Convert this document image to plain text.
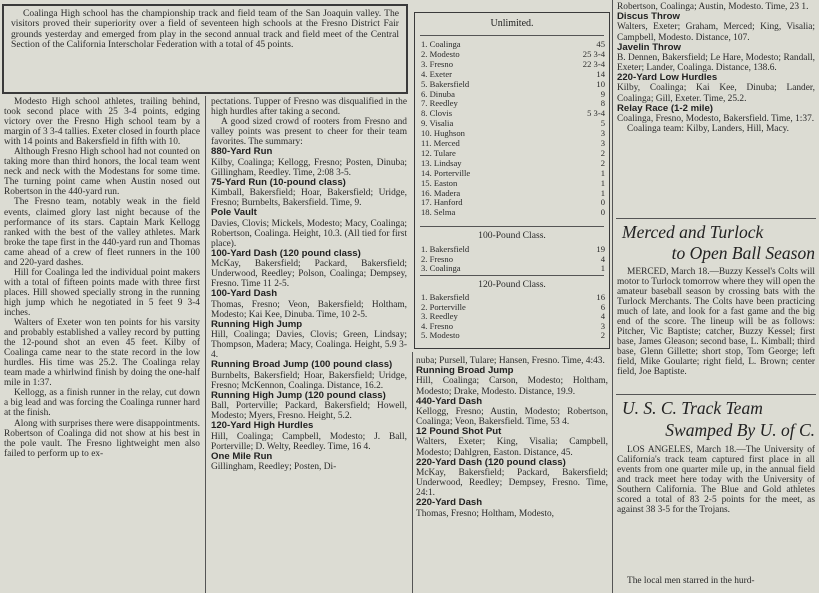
Coalinga High school has the championship track and field team of the San Joaquin valley. The visitors proved their superiority over a field of seventeen high schools at the Fresno District Fair grounds yesterday and emerged from play in the second annual track and field meet of the Central Section of the California Interscholar Federation with a total of 45 points.

Modesto High school athletes, trailing behind, took second place with 25 3-4 points, edging victory over the Fresno High school team by a margin of 3 3-4 tallies. Exeter closed in fourth place with 14 points and Bakersfield in fifth with 10.

Although Fresno High school had not counted on taking more than third honors, the local team went neck and neck with the Modestans for some time. The turning point came when Austin nosed out Robertson in the 440-yard run.

The Fresno team, notably weak in the field events, claimed glory last night because of the performance of its stars. Captain Mark Kellogg ranked with the best of the valley athletes. Mark broke the tape first in the 440-yard run and Thomas came ahead of a crew of fleet runners in the 100 and 220-yard dashes.

Hill for Coalinga led the individual point makers with a total of fifteen points made with three first places. Hill showed specially strong in the running high jump which he negotiated in 5 feet 9 3-4 inches.

Walters of Exeter won ten points for his varsity and probably established a valley record by putting the 12-pound shot an even 45 feet. Kilby of Coalinga came near to the state record in the low hurdles. His time was 25.2. The Coalinga relay team made a whirlwind finish by doing the one-half mile in 1:37.

Kellogg, as a finish runner in the relay, cut down a big lead and was forcing the Coalinga runner hard at the finish.

Along with surprises there were disappointments. Robertson of Coalinga did not show at his best in the pole vault. The Fresno lightweight men also failed to perform up to ex-

pectations. Tupper of Fresno was disqualified in the high hurdles after taking a second.

A good sized crowd of rooters from Fresno and valley points was present to cheer for their team favorites. The summary:

880-Yard Run

Kilby, Coalinga; Kellogg, Fresno; Posten, Dinuba; Gillingham, Reedley. Time, 2:08 3-5.

75-Yard Run (10-pound class)

Kimball, Bakersfield; Hoar, Bakersfield; Uridge, Fresno; Burnbelts, Bakersfield. Time, 9.

Pole Vault

Davies, Clovis; Mickels, Modesto; Macy, Coalinga; Robertson, Coalinga. Height, 10.3. (All tied for first place).

100-Yard Dash (120 pound class)

McKay, Bakersfield; Packard, Bakersfield; Underwood, Reedley; Polson, Coalinga; Dempsey, Fresno. Time 11 2-5.

100-Yard Dash

Thomas, Fresno; Veon, Bakersfield; Holtham, Modesto; Kai Kee, Dinuba. Time, 10 2-5.

Running High Jump

Hill, Coalinga; Davies, Clovis; Green, Lindsay; Thompson, Madera; Macy, Coalinga. Height, 5.9 3-4.

Running Broad Jump (100 pound class)

Burnbelts, Bakersfield; Hoar, Bakersfield; Uridge, Fresno; McKennon, Coalinga. Distance, 16.2.

Running High Jump (120 pound class)

Ball, Porterville; Packard, Bakersfield; Howell, Modesto; Myers, Fresno. Height, 5.2.

120-Yard High Hurdles

Hill, Coalinga; Campbell, Modesto; J. Ball, Porterville; D. Welty, Reedley. Time, 16 4.

One Mile Run

Gillingham, Reedley; Posten, Di-

Unlimited.
1. Coalinga	45
2. Modesto	25 3-4
3. Fresno	22 3-4
4. Exeter	14
5. Bakersfield	10
6. Dinuba	9
7. Reedley	8
8. Clovis	5 3-4
9. Visalia	5
10. Hughson	3
11. Merced	3
12. Tulare	2
13. Lindsay	2
14. Porterville	1
15. Easton	1
16. Madera	1
17. Hanford	0
18. Selma	0
100-Pound Class.
1. Bakersfield	19
2. Fresno	4
3. Coalinga	1
120-Pound Class.
1. Bakersfield	16
2. Porterville	6
3. Reedley	4
4. Fresno	3
5. Modesto	2

nuba; Pursell, Tulare; Hansen, Fresno. Time, 4:43.

Running Broad Jump

Hill, Coalinga; Carson, Modesto; Holtham, Modesto; Drake, Modesto. Distance, 19.9.

440-Yard Dash

Kellogg, Fresno; Austin, Modesto; Robertson, Coalinga; Veon, Bakersfield. Time, 53 4.

12 Pound Shot Put

Walters, Exeter; King, Visalia; Campbell, Modesto; Dahlgren, Easton. Distance, 45.

220-Yard Dash (120 pound class)

McKay, Bakersfield; Packard, Bakersfield; Underwood, Reedley; Dempsey, Fresno. Time, 24:1.

220-Yard Dash

Thomas, Fresno; Holtham, Modesto,

Robertson, Coalinga; Austin, Modesto. Time, 23 1.

Discus Throw

Walters, Exeter; Graham, Merced; King, Visalia; Campbell, Modesto. Distance, 107.

Javelin Throw

B. Dennen, Bakersfield; Le Hare, Modesto; Randall, Exeter; Lander, Coalinga. Distance, 138.6.

220-Yard Low Hurdles

Kilby, Coalinga; Kai Kee, Dinuba; Lander, Coalinga; Gill, Exeter. Time, 25.2.

Relay Race (1-2 mile)

Coalinga, Fresno, Modesto, Bakersfield. Time, 1:37.

Coalinga team: Kilby, Landers, Hill, Macy.

Merced and Turlock
to Open Ball Season
MERCED, March 18.—Buzzy Kessel's Colts will motor to Turlock tomorrow where they will open the amateur baseball season by crossing bats with the Turlock Merchants. The Colts have been practicing much of late, and look for a fast game and the big end of the score. The lineup will be as follows: Pitcher, Vic Baptiste; catcher, Buzzy Kessel; first base, James Gleason; second base, L. Kimball; third base, Glenn Gillette; short stop, Tom George; left field, Mike Goularte; right field, L. Brown; center field, Joe Baptiste.
U. S. C. Track Team
Swamped By U. of C.
LOS ANGELES, March 18.—The University of California's track team captured first place in all events from one quarter mile up, in the annual field and track meet here today with the University of Southern California. The Blue and Gold athletes scored a total of 83 2-5 points for the meet, as against 38 3-5 for the Trojans.
The local men starred in the hurd-
